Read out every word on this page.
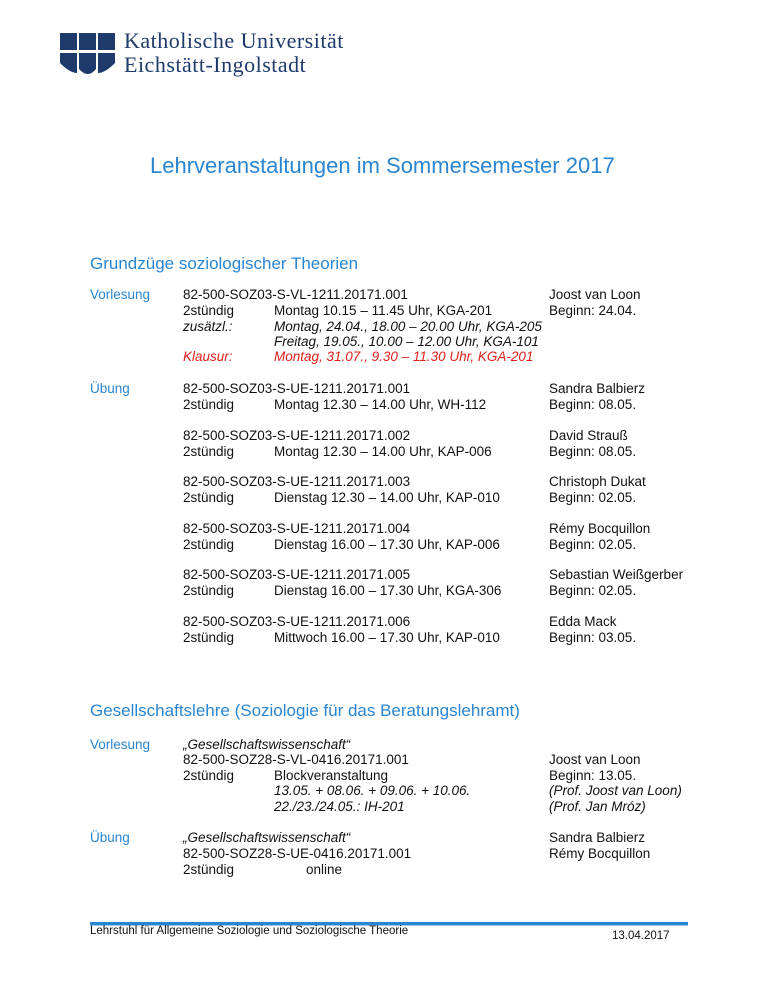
Katholische Universität
Eichstätt-Ingolstadt
Lehrveranstaltungen im Sommersemester 2017
Grundzüge soziologischer Theorien
Vorlesung 82-500-SOZ03-S-VL-1211.20171.001	Joost van Loon
2stündig	Montag 10.15 – 11.45 Uhr, KGA-201	Beginn: 24.04.
zusätzl.:	Montag, 24.04., 18.00 – 20.00 Uhr, KGA-205
Freitag, 19.05., 10.00 – 12.00 Uhr, KGA-101
Klausur:	Montag, 31.07., 9.30 – 11.30 Uhr, KGA-201
Übung	82-500-SOZ03-S-UE-1211.20171.001	Sandra Balbierz
2stündig	Montag 12.30 – 14.00 Uhr, WH-112	Beginn: 08.05.
82-500-SOZ03-S-UE-1211.20171.002	David Strauß
2stündig	Montag 12.30 – 14.00 Uhr, KAP-006	Beginn: 08.05.
82-500-SOZ03-S-UE-1211.20171.003	Christoph Dukat
2stündig	Dienstag 12.30 – 14.00 Uhr, KAP-010	Beginn: 02.05.
82-500-SOZ03-S-UE-1211.20171.004	Rémy Bocquillon
2stündig	Dienstag 16.00 – 17.30 Uhr, KAP-006	Beginn: 02.05.
82-500-SOZ03-S-UE-1211.20171.005	Sebastian Weißgerber
2stündig	Dienstag 16.00 – 17.30 Uhr, KGA-306	Beginn: 02.05.
82-500-SOZ03-S-UE-1211.20171.006	Edda Mack
2stündig	Mittwoch 16.00 – 17.30 Uhr, KAP-010	Beginn: 03.05.
Gesellschaftslehre (Soziologie für das Beratungslehramt)
Vorlesung „Gesellschaftswissenschaft“
82-500-SOZ28-S-VL-0416.20171.001	Joost van Loon
2stündig	Blockveranstaltung	Beginn: 13.05.
13.05. + 08.06. + 09.06. + 10.06.	(Prof. Joost van Loon)
22./23./24.05.: IH-201	(Prof. Jan Mróz)
Übung	„Gesellschaftswissenschaft“	Sandra Balbierz
82-500-SOZ28-S-UE-0416.20171.001	Rémy Bocquillon
2stündig	online
Lehrstuhl für Allgemeine Soziologie und Soziologische Theorie	13.04.2017
